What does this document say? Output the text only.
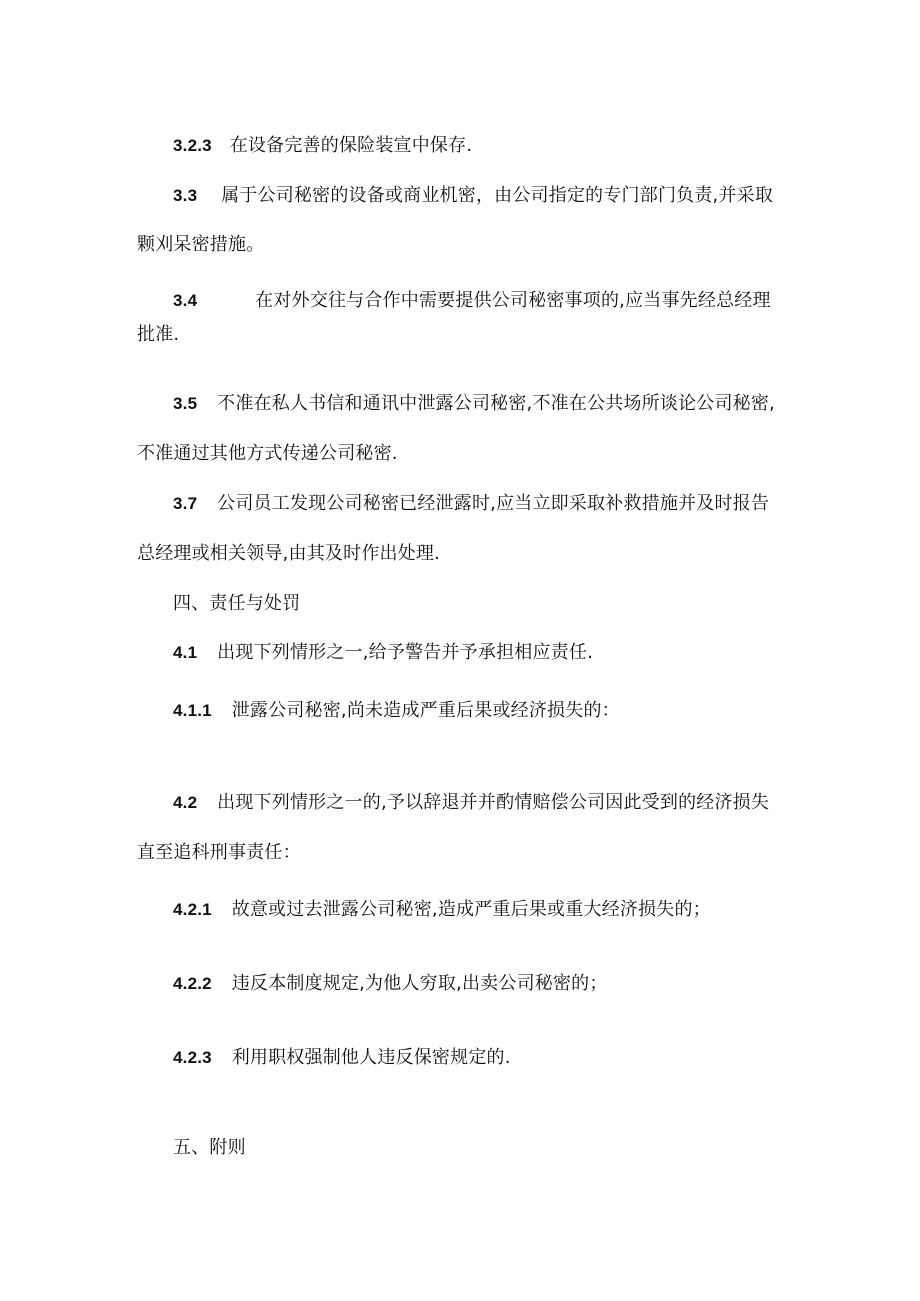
3.2.3 在设备完善的保险装宣中保存.
3.3 属于公司秘密的设备或商业机密，由公司指定的专门部门负责,并采取
颗刈呆密措施。
3.4	在对外交往与合作中需要提供公司秘密事项的,应当事先经总经理
批准.
3.5 不准在私人书信和通讯中泄露公司秘密,不准在公共场所谈论公司秘密,
不准通过其他方式传递公司秘密.
3.7 公司员工发现公司秘密已经泄露时,应当立即采取补救措施并及时报告
总经理或相关领导,由其及时作出处理.
四、责任与处罚
4.1 出现下列情形之一,给予警告并予承担相应责任.
4.1.1 泄露公司秘密,尚未造成严重后果或经济损失的：
4.2 出现下列情形之一的,予以辞退并并酌情赔偿公司因此受到的经济损失
直至追科刑事责任：
4.2.1 故意或过去泄露公司秘密,造成严重后果或重大经济损失的；
4.2.2 违反本制度规定,为他人穷取,出卖公司秘密的；
4.2.3 利用职权强制他人违反保密规定的.
五、附则
